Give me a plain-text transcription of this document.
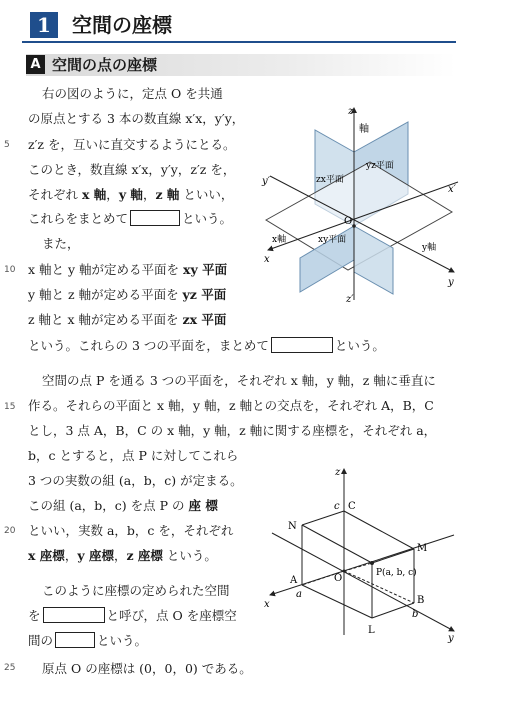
1	空間の座標
A 空間の点の座標
5
10
15
20
25
右の図のように，定点 O を共通
の原点とする 3 本の数直線 x′x，y′y，
z′z を，互いに直交するようにとる。
このとき，数直線 x′x，y′y，z′z を，
それぞれ x 軸，y 軸，z 軸 といい，
これらをまとめて	という。
また，
x 軸と y 軸が定める平面を xy 平面
y 軸と z 軸が定める平面を yz 平面
z 軸と x 軸が定める平面を zx 平面
という。これらの 3 つの平面を，まとめて	という。
空間の点 P を通る 3 つの平面を，それぞれ x 軸，y 軸，z 軸に垂直に
作る。それらの平面と x 軸，y 軸，z 軸との交点を，それぞれ A，B，C
とし，3 点 A，B，C の x 軸，y 軸，z 軸に関する座標を，それぞれ a，
b，c とすると，点 P に対してこれら
3 つの実数の組 (a，b，c) が定まる。
この組 (a，b，c) を点 P の 座 標
といい，実数 a，b，c を，それぞれ
x 座標，y 座標，z 座標 という。
このように座標の定められた空間
を	と呼び，点 O を座標空
間の	という。
原点 O の座標は (0，0，0) である。
z
軸
z′
y′
x′
x
y
x軸
y軸
O
zx平面
yz平面
xy平面
z
y
x
O
N
C
c
M
P(a, b, c)
A
a
B
b
L
